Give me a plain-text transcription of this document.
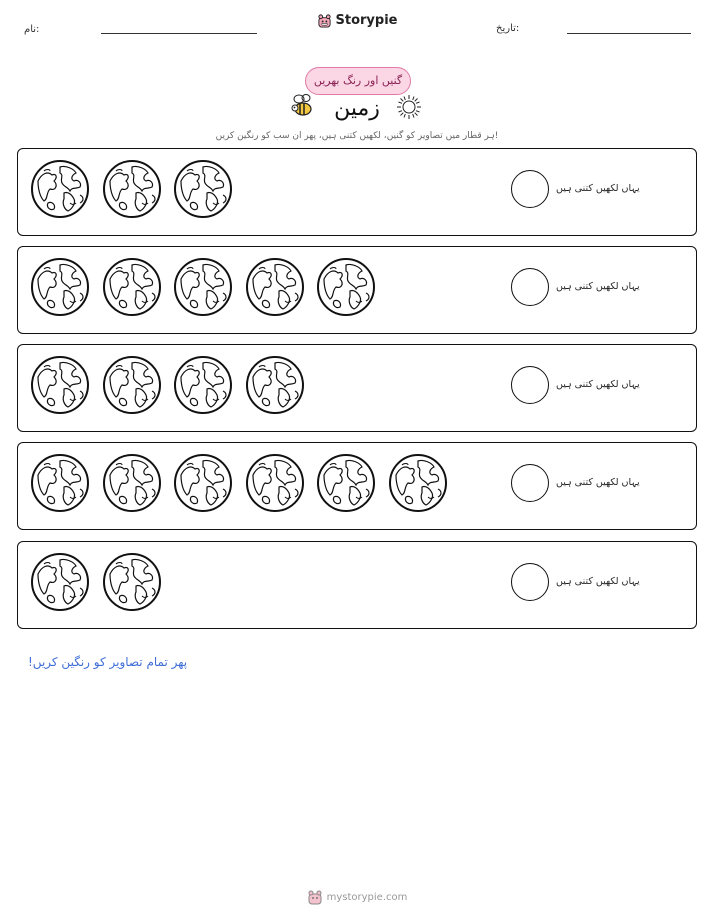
نام:	تاریخ:
Storypie
گنیں اور رنگ بھریں
زمین
ہر قطار میں تصاویر کو گنیں، لکھیں کتنی ہیں، پھر ان سب کو رنگین کریں!
یہاں لکھیں کتنی ہیں
یہاں لکھیں کتنی ہیں
یہاں لکھیں کتنی ہیں
یہاں لکھیں کتنی ہیں
یہاں لکھیں کتنی ہیں
پھر تمام تصاویر کو رنگین کریں!
mystorypie.com
